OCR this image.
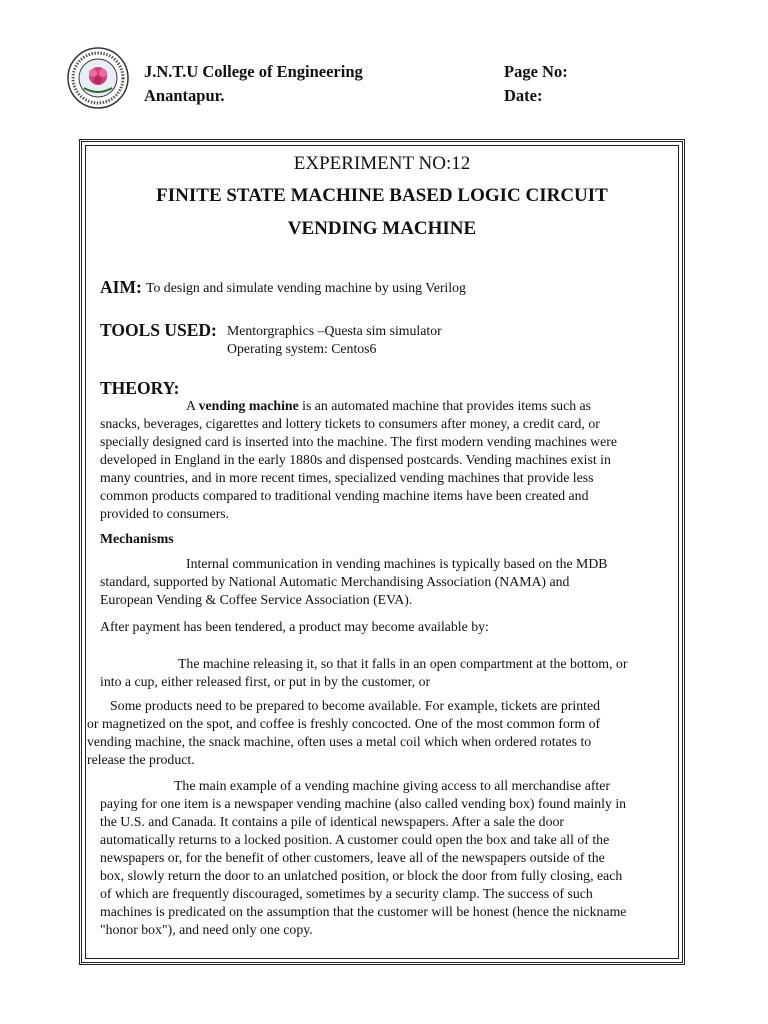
J.N.T.U College of Engineering
Anantapur.
Page No:
Date:
EXPERIMENT NO:12
FINITE STATE MACHINE BASED LOGIC CIRCUIT
VENDING MACHINE
AIM: To design and simulate vending machine by using Verilog
TOOLS USED: Mentorgraphics –Questa sim simulator
Operating system: Centos6
THEORY:
A vending machine is an automated machine that provides items such as
snacks, beverages, cigarettes and lottery tickets to consumers after money, a credit card, or
specially designed card is inserted into the machine. The first modern vending machines were
developed in England in the early 1880s and dispensed postcards. Vending machines exist in
many countries, and in more recent times, specialized vending machines that provide less
common products compared to traditional vending machine items have been created and
provided to consumers.
Mechanisms
Internal communication in vending machines is typically based on the MDB
standard, supported by National Automatic Merchandising Association (NAMA) and
European Vending & Coffee Service Association (EVA).
After payment has been tendered, a product may become available by:
The machine releasing it, so that it falls in an open compartment at the bottom, or
into a cup, either released first, or put in by the customer, or
Some products need to be prepared to become available. For example, tickets are printed
or magnetized on the spot, and coffee is freshly concocted. One of the most common form of
vending machine, the snack machine, often uses a metal coil which when ordered rotates to
release the product.
The main example of a vending machine giving access to all merchandise after
paying for one item is a newspaper vending machine (also called vending box) found mainly in
the U.S. and Canada. It contains a pile of identical newspapers. After a sale the door
automatically returns to a locked position. A customer could open the box and take all of the
newspapers or, for the benefit of other customers, leave all of the newspapers outside of the
box, slowly return the door to an unlatched position, or block the door from fully closing, each
of which are frequently discouraged, sometimes by a security clamp. The success of such
machines is predicated on the assumption that the customer will be honest (hence the nickname
"honor box"), and need only one copy.
